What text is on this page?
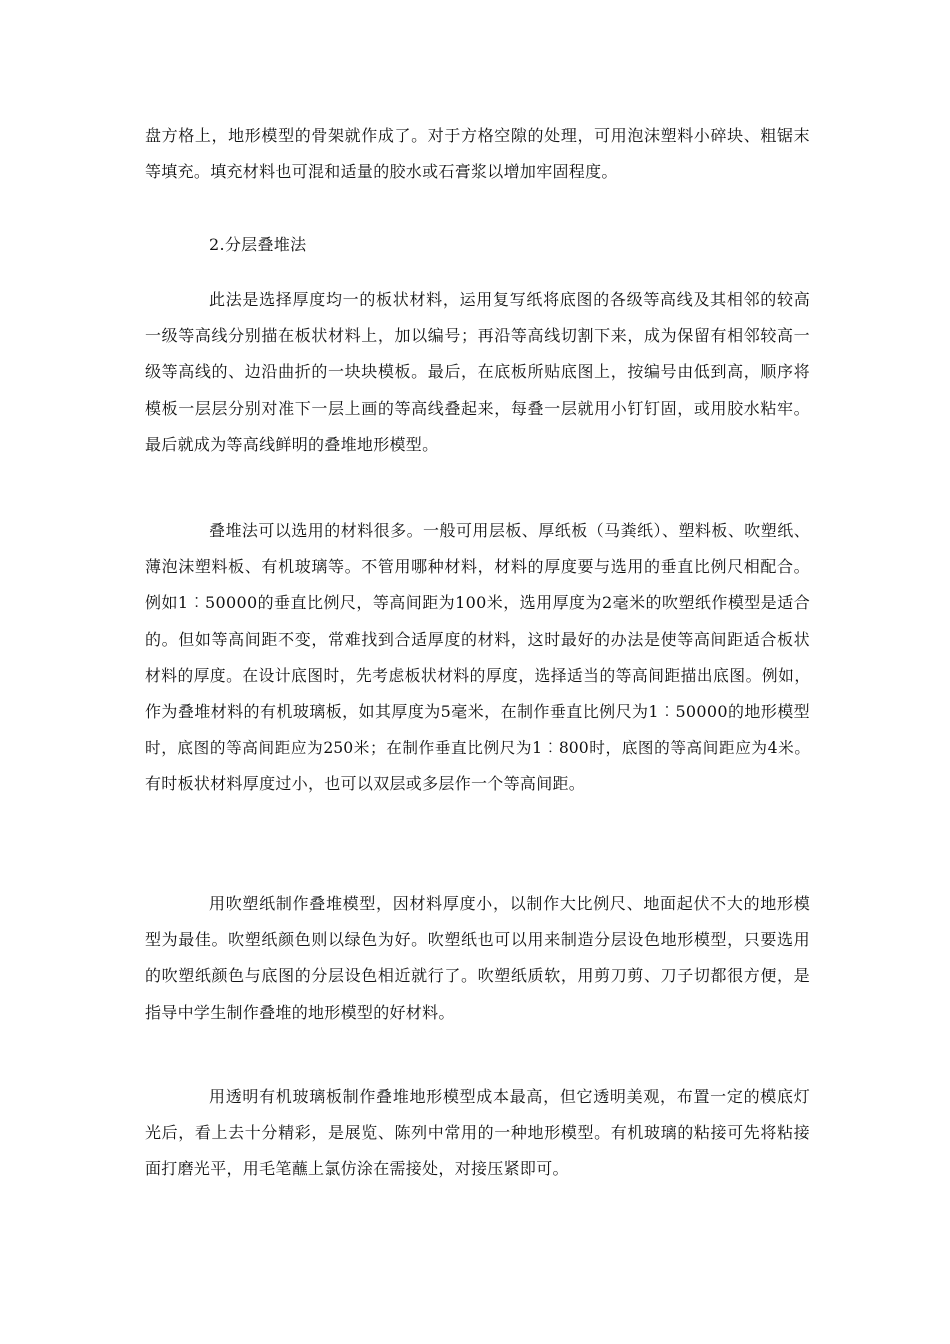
盘方格上，地形模型的骨架就作成了。对于方格空隙的处理，可用泡沫塑料小碎块、粗锯末
等填充。填充材料也可混和适量的胶水或石膏浆以增加牢固程度。
2.分层叠堆法
此法是选择厚度均一的板状材料，运用复写纸将底图的各级等高线及其相邻的较高
一级等高线分别描在板状材料上，加以编号；再沿等高线切割下来，成为保留有相邻较高一
级等高线的、边沿曲折的一块块模板。最后，在底板所贴底图上，按编号由低到高，顺序将
模板一层层分别对准下一层上画的等高线叠起来，每叠一层就用小钉钉固，或用胶水粘牢。
最后就成为等高线鲜明的叠堆地形模型。
叠堆法可以选用的材料很多。一般可用层板、厚纸板（马粪纸）、塑料板、吹塑纸、
薄泡沫塑料板、有机玻璃等。不管用哪种材料，材料的厚度要与选用的垂直比例尺相配合。
例如1︰50000的垂直比例尺，等高间距为100米，选用厚度为2毫米的吹塑纸作模型是适合
的。但如等高间距不变，常难找到合适厚度的材料，这时最好的办法是使等高间距适合板状
材料的厚度。在设计底图时，先考虑板状材料的厚度，选择适当的等高间距描出底图。例如，
作为叠堆材料的有机玻璃板，如其厚度为5毫米，在制作垂直比例尺为1︰50000的地形模型
时，底图的等高间距应为250米；在制作垂直比例尺为1︰800时，底图的等高间距应为4米。
有时板状材料厚度过小，也可以双层或多层作一个等高间距。
用吹塑纸制作叠堆模型，因材料厚度小，以制作大比例尺、地面起伏不大的地形模
型为最佳。吹塑纸颜色则以绿色为好。吹塑纸也可以用来制造分层设色地形模型，只要选用
的吹塑纸颜色与底图的分层设色相近就行了。吹塑纸质软，用剪刀剪、刀子切都很方便，是
指导中学生制作叠堆的地形模型的好材料。
用透明有机玻璃板制作叠堆地形模型成本最高，但它透明美观，布置一定的模底灯
光后，看上去十分精彩，是展览、陈列中常用的一种地形模型。有机玻璃的粘接可先将粘接
面打磨光平，用毛笔蘸上氯仿涂在需接处，对接压紧即可。
